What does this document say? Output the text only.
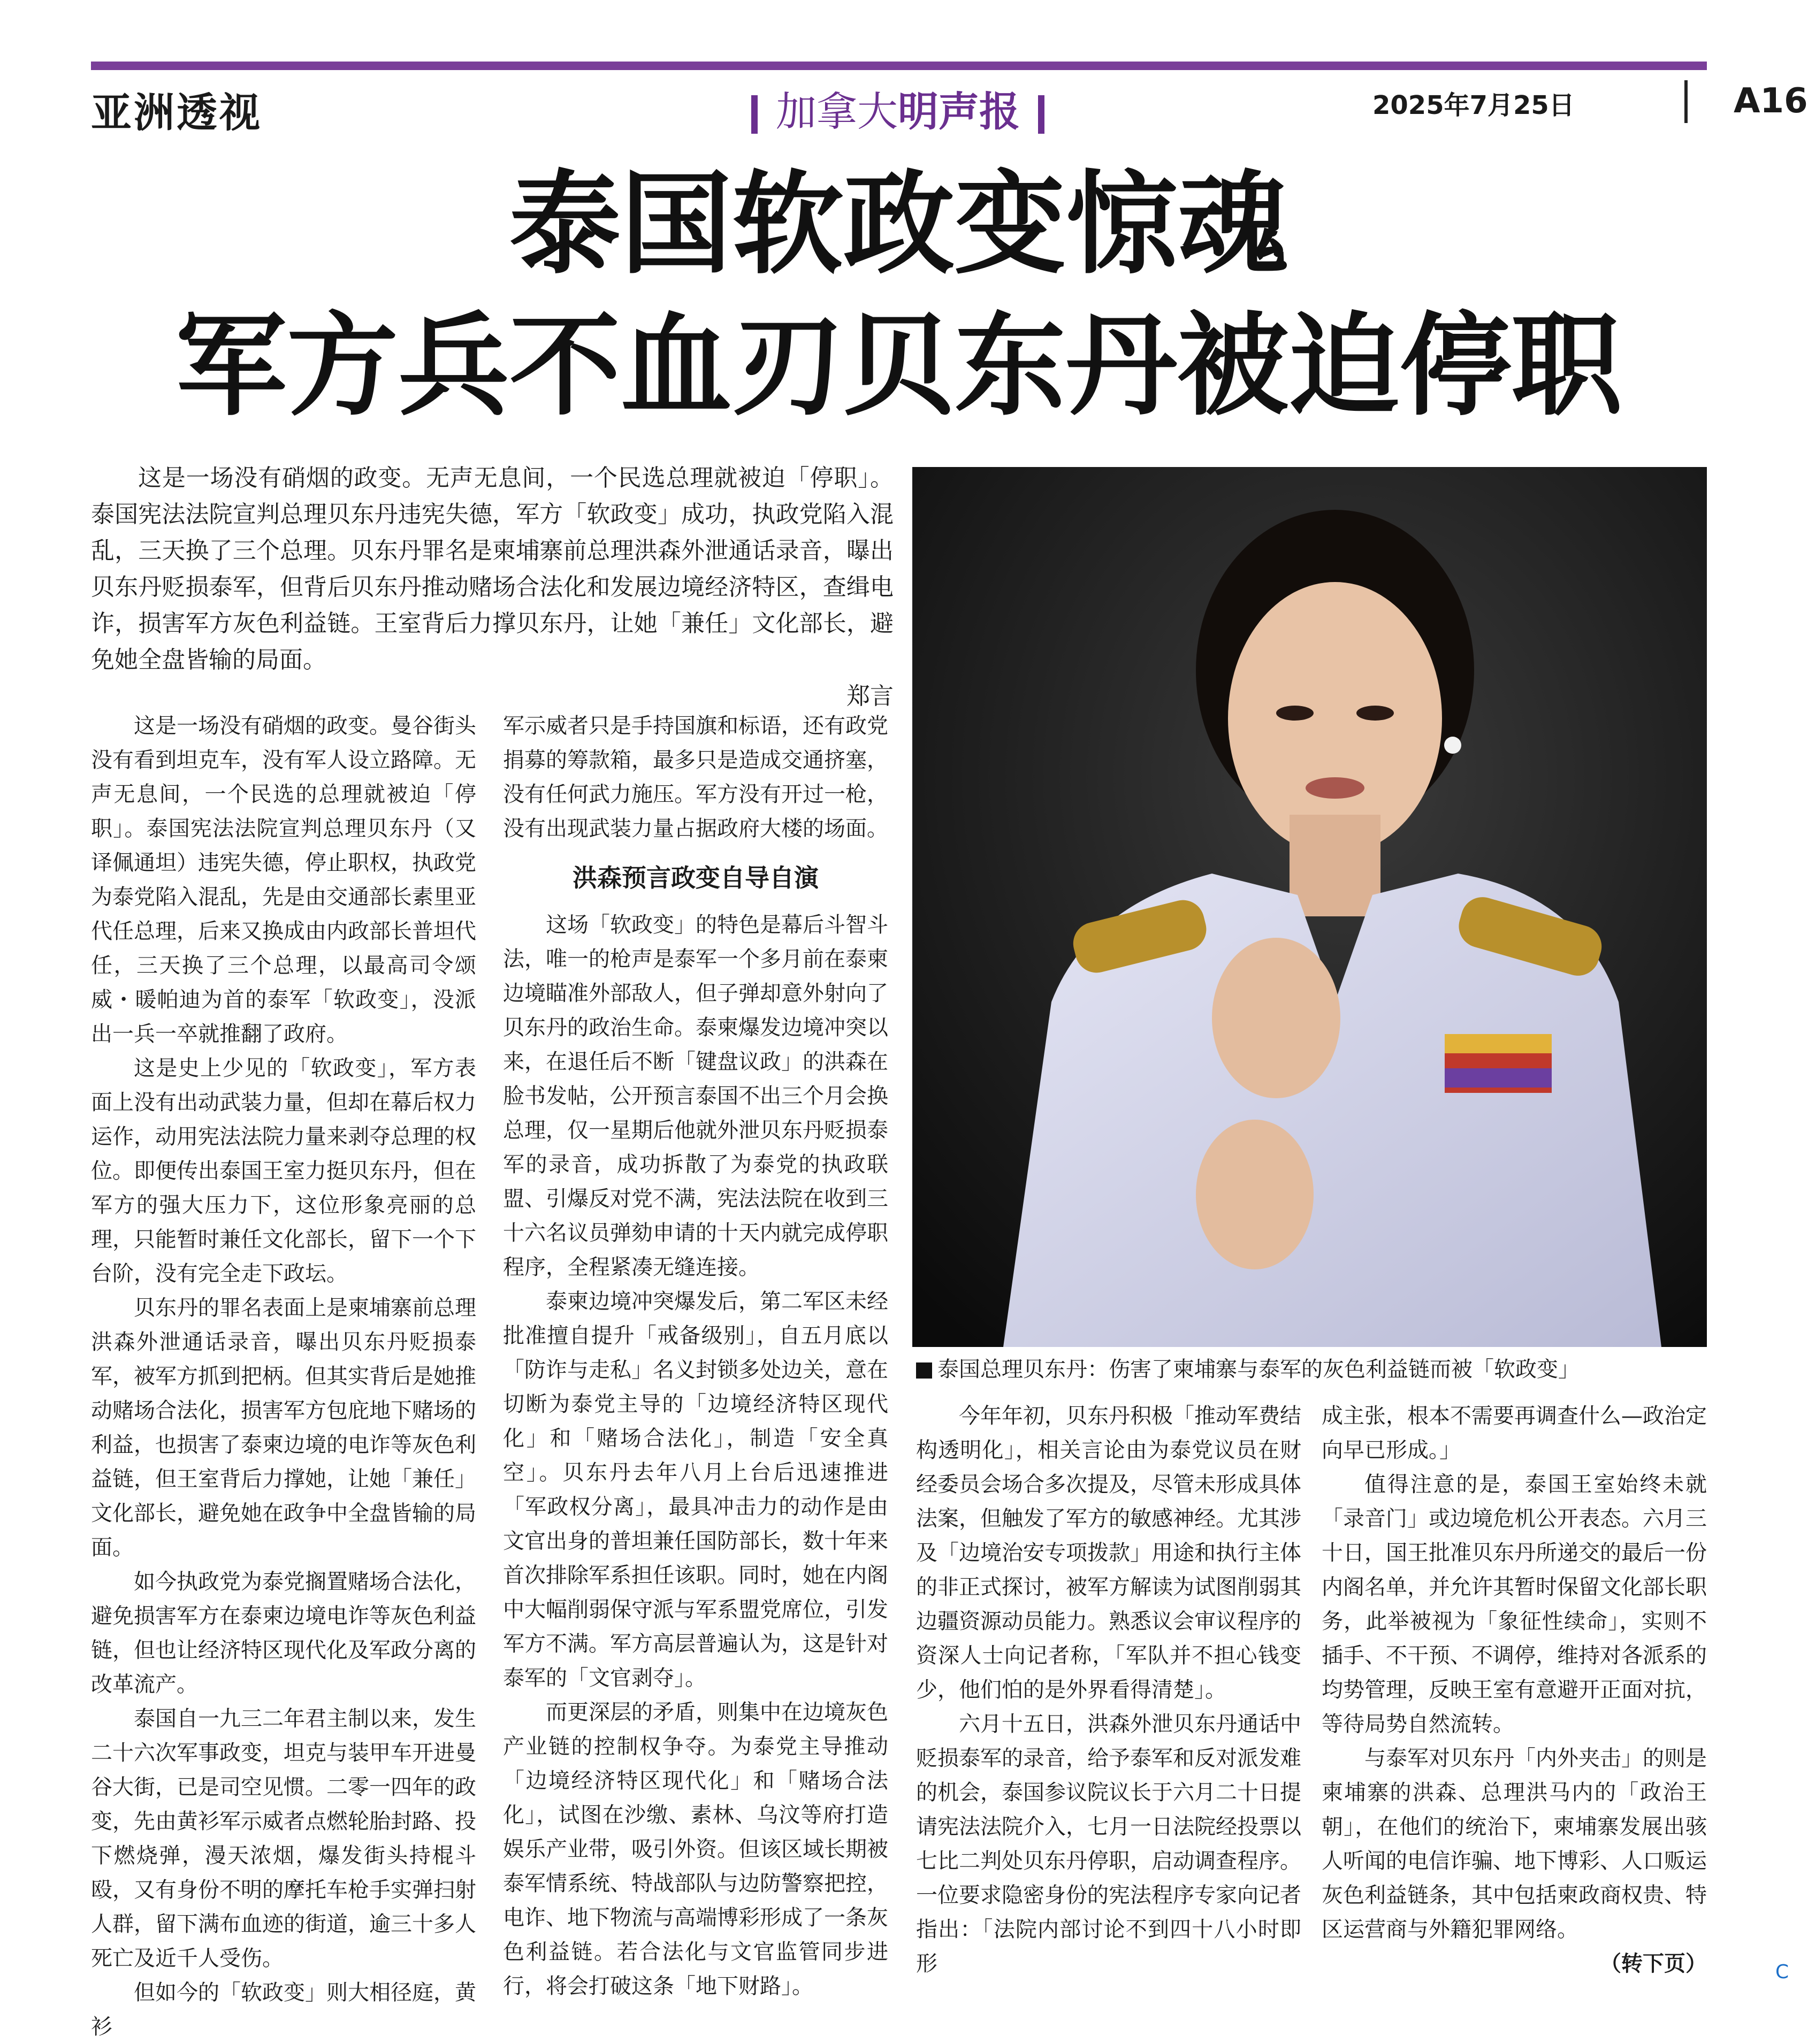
亚洲透视	加拿大明声报	2025年7月25日	A16
泰国软政变惊魂
军方兵不血刃贝东丹被迫停职

这是一场没有硝烟的政变。无声无息间，一个民选总理就被迫「停职」。泰国宪法法院宣判总理贝东丹违宪失德，军方「软政变」成功，执政党陷入混乱，三天换了三个总理。贝东丹罪名是柬埔寨前总理洪森外泄通话录音，曝出贝东丹贬损泰军，但背后贝东丹推动赌场合法化和发展边境经济特区，查缉电诈，损害军方灰色利益链。王室背后力撑贝东丹，让她「兼任」文化部长，避免她全盘皆输的局面。

郑言
泰国总理贝东丹：伤害了柬埔寨与泰军的灰色利益链而被「软政变」

这是一场没有硝烟的政变。曼谷街头没有看到坦克车，没有军人设立路障。无声无息间，一个民选的总理就被迫「停职」。泰国宪法法院宣判总理贝东丹（又译佩通坦）违宪失德，停止职权，执政党为泰党陷入混乱，先是由交通部长素里亚代任总理，后来又换成由内政部长普坦代任，三天换了三个总理，以最高司令颂威・暖帕迪为首的泰军「软政变」，没派出一兵一卒就推翻了政府。

这是史上少见的「软政变」，军方表面上没有出动武装力量，但却在幕后权力运作，动用宪法法院力量来剥夺总理的权位。即便传出泰国王室力挺贝东丹，但在军方的强大压力下，这位形象亮丽的总理，只能暂时兼任文化部长，留下一个下台阶，没有完全走下政坛。

贝东丹的罪名表面上是柬埔寨前总理洪森外泄通话录音，曝出贝东丹贬损泰军，被军方抓到把柄。但其实背后是她推动赌场合法化，损害军方包庇地下赌场的利益，也损害了泰柬边境的电诈等灰色利益链，但王室背后力撑她，让她「兼任」文化部长，避免她在政争中全盘皆输的局面。

如今执政党为泰党搁置赌场合法化，避免损害军方在泰柬边境电诈等灰色利益链，但也让经济特区现代化及军政分离的改革流产。

泰国自一九三二年君主制以来，发生二十六次军事政变，坦克与装甲车开进曼谷大街，已是司空见惯。二零一四年的政变，先由黄衫军示威者点燃轮胎封路、投下燃烧弹，漫天浓烟，爆发街头持棍斗殴，又有身份不明的摩托车枪手实弹扫射人群，留下满布血迹的街道，逾三十多人死亡及近千人受伤。

但如今的「软政变」则大相径庭，黄衫

军示威者只是手持国旗和标语，还有政党捐募的筹款箱，最多只是造成交通挤塞，没有任何武力施压。军方没有开过一枪，没有出现武装力量占据政府大楼的场面。

洪森预言政变自导自演

这场「软政变」的特色是幕后斗智斗法，唯一的枪声是泰军一个多月前在泰柬边境瞄准外部敌人，但子弹却意外射向了贝东丹的政治生命。泰柬爆发边境冲突以来，在退任后不断「键盘议政」的洪森在脸书发帖，公开预言泰国不出三个月会换总理，仅一星期后他就外泄贝东丹贬损泰军的录音，成功拆散了为泰党的执政联盟、引爆反对党不满，宪法法院在收到三十六名议员弹劾申请的十天内就完成停职程序，全程紧凑无缝连接。

泰柬边境冲突爆发后，第二军区未经批准擅自提升「戒备级别」，自五月底以「防诈与走私」名义封锁多处边关，意在切断为泰党主导的「边境经济特区现代化」和「赌场合法化」，制造「安全真空」。贝东丹去年八月上台后迅速推进「军政权分离」，最具冲击力的动作是由文官出身的普坦兼任国防部长，数十年来首次排除军系担任该职。同时，她在内阁中大幅削弱保守派与军系盟党席位，引发军方不满。军方高层普遍认为，这是针对泰军的「文官剥夺」。

而更深层的矛盾，则集中在边境灰色产业链的控制权争夺。为泰党主导推动「边境经济特区现代化」和「赌场合法化」，试图在沙缴、素林、乌汶等府打造娱乐产业带，吸引外资。但该区域长期被泰军情系统、特战部队与边防警察把控，电诈、地下物流与高端博彩形成了一条灰色利益链。若合法化与文官监管同步进行，将会打破这条「地下财路」。

今年年初，贝东丹积极「推动军费结构透明化」，相关言论由为泰党议员在财经委员会场合多次提及，尽管未形成具体法案，但触发了军方的敏感神经。尤其涉及「边境治安专项拨款」用途和执行主体的非正式探讨，被军方解读为试图削弱其边疆资源动员能力。熟悉议会审议程序的资深人士向记者称，「军队并不担心钱变少，他们怕的是外界看得清楚」。

六月十五日，洪森外泄贝东丹通话中贬损泰军的录音，给予泰军和反对派发难的机会，泰国参议院议长于六月二十日提请宪法法院介入，七月一日法院经投票以七比二判处贝东丹停职，启动调查程序。一位要求隐密身份的宪法程序专家向记者指出：「法院内部讨论不到四十八小时即形

成主张，根本不需要再调查什么—政治定向早已形成。」

值得注意的是，泰国王室始终未就「录音门」或边境危机公开表态。六月三十日，国王批准贝东丹所递交的最后一份内阁名单，并允许其暂时保留文化部长职务，此举被视为「象征性续命」，实则不插手、不干预、不调停，维持对各派系的均势管理，反映王室有意避开正面对抗，等待局势自然流转。

与泰军对贝东丹「内外夹击」的则是柬埔寨的洪森、总理洪马内的「政治王朝」，在他们的统治下，柬埔寨发展出骇人听闻的电信诈骗、地下博彩、人口贩运灰色利益链条，其中包括柬政商权贵、特区运营商与外籍犯罪网络。

（转下页）	C
